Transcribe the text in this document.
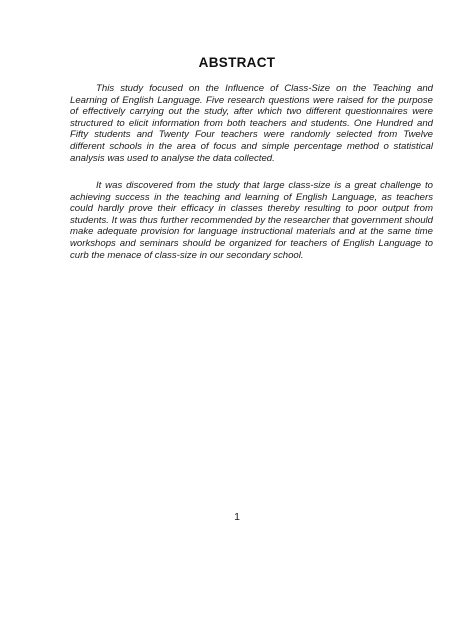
ABSTRACT

This study focused on the Influence of Class-Size on the Teaching and Learning of English Language. Five research questions were raised for the purpose of effectively carrying out the study, after which two different questionnaires were structured to elicit information from both teachers and students. One Hundred and Fifty students and Twenty Four teachers were randomly selected from Twelve different schools in the area of focus and simple percentage method o statistical analysis was used to analyse the data collected.

It was discovered from the study that large class-size is a great challenge to achieving success in the teaching and learning of English Language, as teachers could hardly prove their efficacy in classes thereby resulting to poor output from students. It was thus further recommended by the researcher that government should make adequate provision for language instructional materials and at the same time workshops and seminars should be organized for teachers of English Language to curb the menace of class-size in our secondary school.

1
